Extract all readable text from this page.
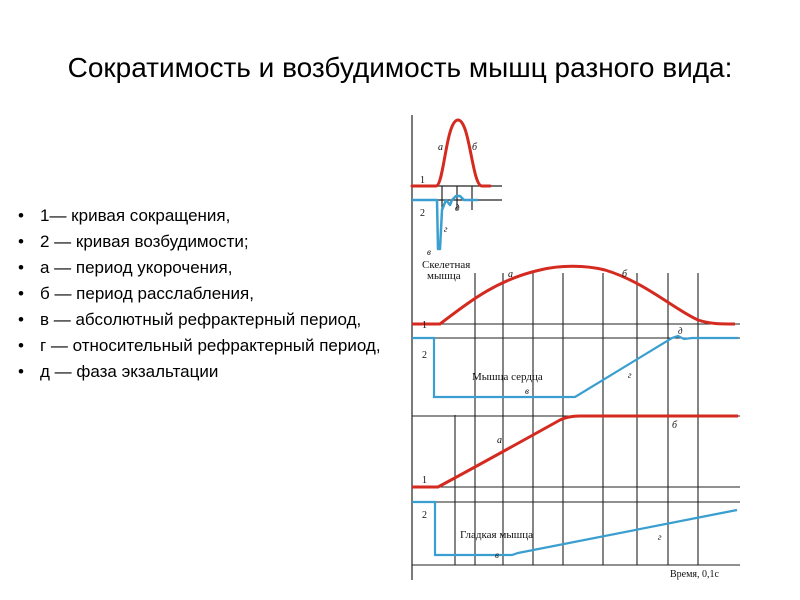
Сократимость и возбудимость мышц разного вида:
• 1— кривая сокращения,
• 2 — кривая возбудимости;
• а — период укорочения,
• б — период расслабления,
• в — абсолютный рефрактерный период,
• г — относительный рефрактерный период,
• д — фаза экзальтации
1
2
а	б
в
г
д
Скелетная
мышца
1
2
а	б
в
г
д
Мышца сердца
1
2
а
б
в
г
Гладкая мышца
Время, 0,1с
